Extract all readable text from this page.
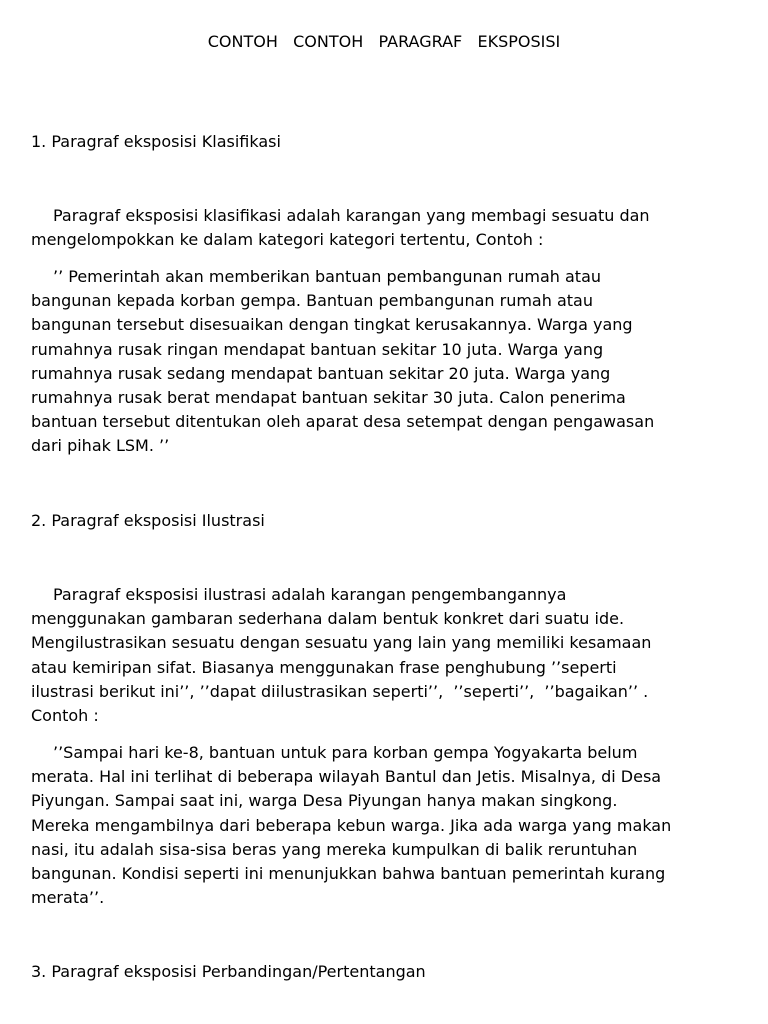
CONTOH   CONTOH   PARAGRAF   EKSPOSISI
1. Paragraf eksposisi Klasifikasi

Paragraf eksposisi klasifikasi adalah karangan yang membagi sesuatu dan
mengelompokkan ke dalam kategori kategori tertentu, Contoh :

’’ Pemerintah akan memberikan bantuan pembangunan rumah atau
bangunan kepada korban gempa. Bantuan pembangunan rumah atau
bangunan tersebut disesuaikan dengan tingkat kerusakannya. Warga yang
rumahnya rusak ringan mendapat bantuan sekitar 10 juta. Warga yang
rumahnya rusak sedang mendapat bantuan sekitar 20 juta. Warga yang
rumahnya rusak berat mendapat bantuan sekitar 30 juta. Calon penerima
bantuan tersebut ditentukan oleh aparat desa setempat dengan pengawasan
dari pihak LSM. ’’

2. Paragraf eksposisi Ilustrasi

Paragraf eksposisi ilustrasi adalah karangan pengembangannya
menggunakan gambaran sederhana dalam bentuk konkret dari suatu ide.
Mengilustrasikan sesuatu dengan sesuatu yang lain yang memiliki kesamaan
atau kemiripan sifat. Biasanya menggunakan frase penghubung ’’seperti
ilustrasi berikut ini’’, ’’dapat diilustrasikan seperti’’,  ’’seperti’’,  ’’bagaikan’’ .
Contoh :

’’Sampai hari ke-8, bantuan untuk para korban gempa Yogyakarta belum
merata. Hal ini terlihat di beberapa wilayah Bantul dan Jetis. Misalnya, di Desa
Piyungan. Sampai saat ini, warga Desa Piyungan hanya makan singkong.
Mereka mengambilnya dari beberapa kebun warga. Jika ada warga yang makan
nasi, itu adalah sisa-sisa beras yang mereka kumpulkan di balik reruntuhan
bangunan. Kondisi seperti ini menunjukkan bahwa bantuan pemerintah kurang
merata’’.

3. Paragraf eksposisi Perbandingan/Pertentangan
